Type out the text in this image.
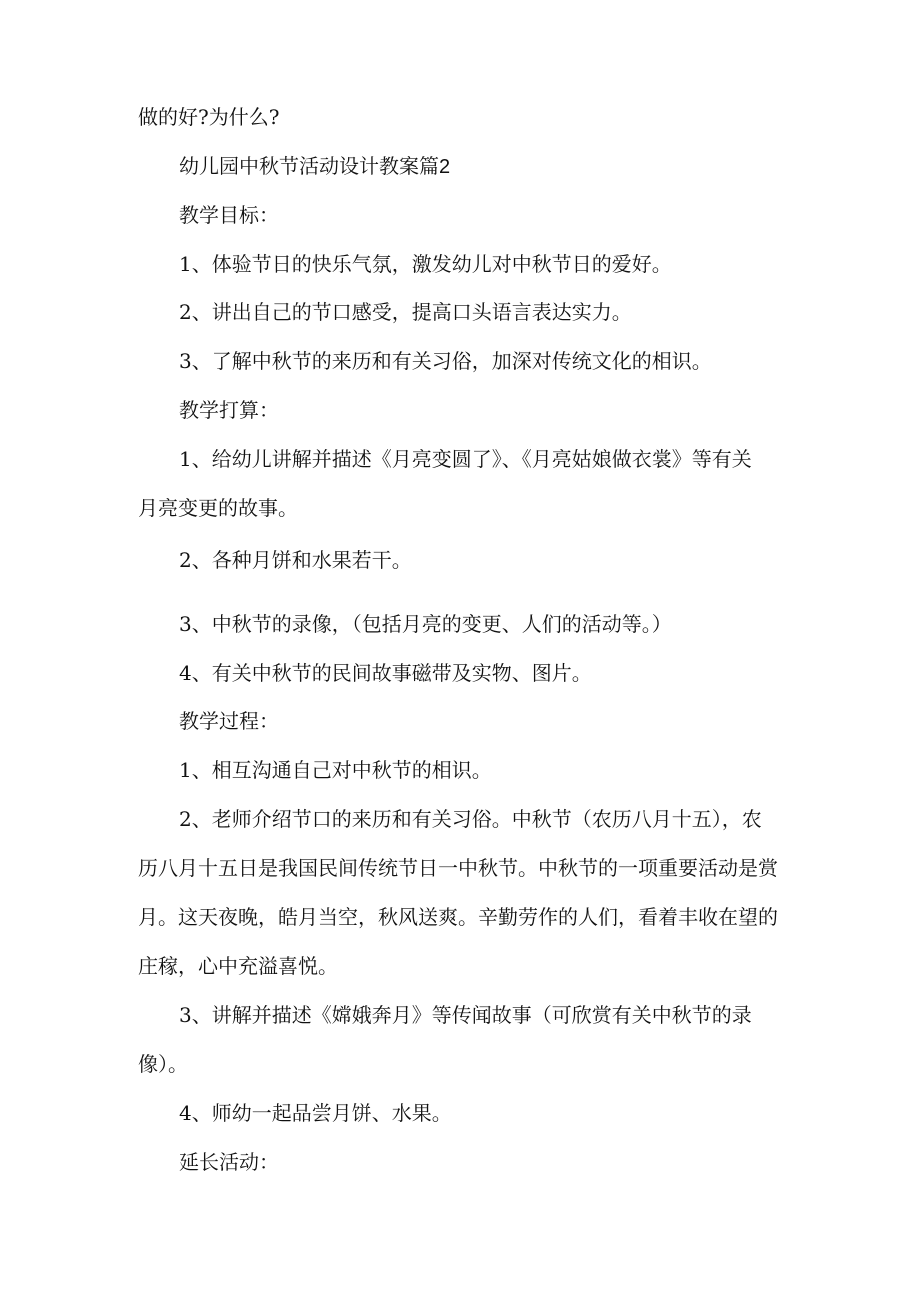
做的好?为什么?
幼儿园中秋节活动设计教案篇2
教学目标：
1、体验节日的快乐气氛，激发幼儿对中秋节日的爱好。
2、讲出自己的节口感受，提高口头语言表达实力。
3、了解中秋节的来历和有关习俗，加深对传统文化的相识。
教学打算：
1、给幼儿讲解并描述《月亮变圆了》、《月亮姑娘做衣裳》等有关
月亮变更的故事。
2、各种月饼和水果若干。
3、中秋节的录像，（包括月亮的变更、人们的活动等。）
4、有关中秋节的民间故事磁带及实物、图片。
教学过程：
1、相互沟通自己对中秋节的相识。
2、老师介绍节口的来历和有关习俗。中秋节（农历八月十五），农
历八月十五日是我国民间传统节日一中秋节。中秋节的一项重要活动是赏
月。这天夜晚，皓月当空，秋风送爽。辛勤劳作的人们，看着丰收在望的
庄稼，心中充溢喜悦。
3、讲解并描述《嫦娥奔月》等传闻故事（可欣赏有关中秋节的录
像）。
4、师幼一起品尝月饼、水果。
延长活动：
